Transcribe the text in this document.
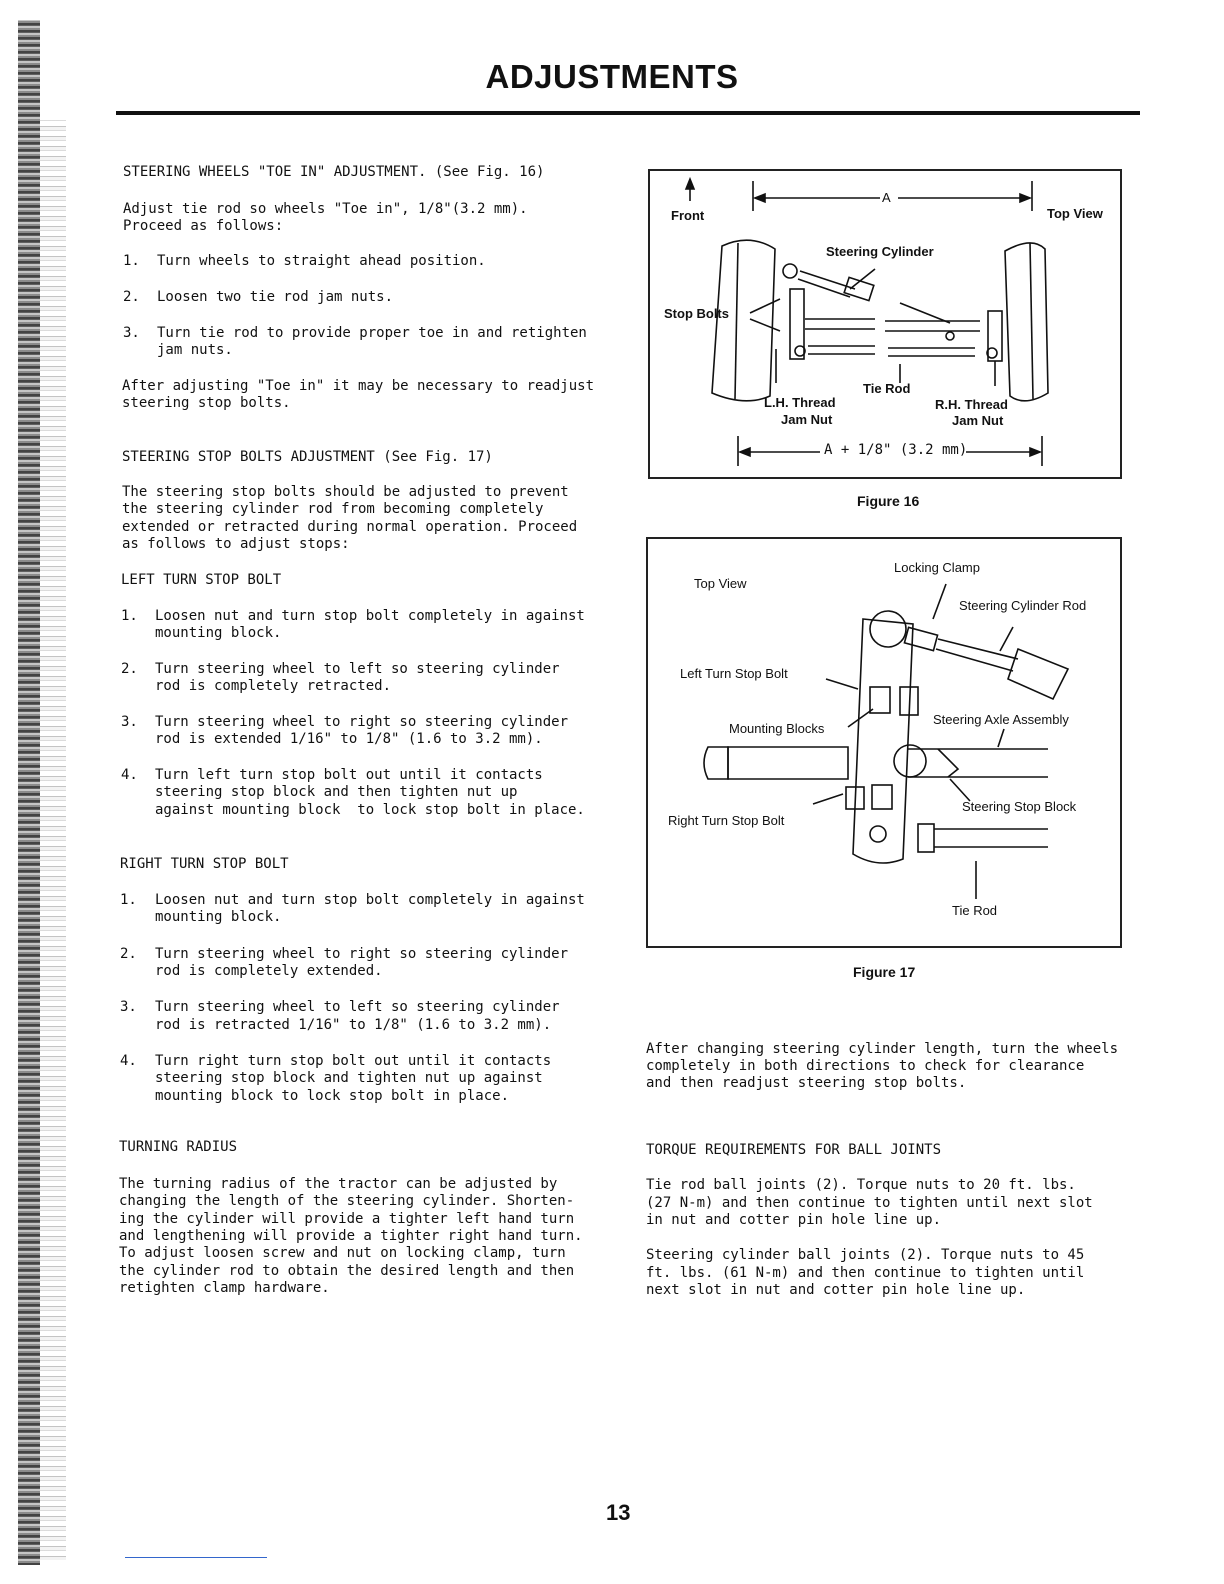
ADJUSTMENTS
STEERING WHEELS "TOE IN" ADJUSTMENT. (See Fig. 16)
Adjust tie rod so wheels "Toe in", 1/8"(3.2 mm).
Proceed as follows:
1. Turn wheels to straight ahead position.
2. Loosen two tie rod jam nuts.
3. Turn tie rod to provide proper toe in and retighten
jam nuts.
After adjusting "Toe in" it may be necessary to readjust
steering stop bolts.
STEERING STOP BOLTS ADJUSTMENT (See Fig. 17)
The steering stop bolts should be adjusted to prevent
the steering cylinder rod from becoming completely
extended or retracted during normal operation. Proceed
as follows to adjust stops:
LEFT TURN STOP BOLT
1. Loosen nut and turn stop bolt completely in against
mounting block.
2. Turn steering wheel to left so steering cylinder
rod is completely retracted.
3. Turn steering wheel to right so steering cylinder
rod is extended 1/16" to 1/8" (1.6 to 3.2 mm).
4. Turn left turn stop bolt out until it contacts
steering stop block and then tighten nut up
against mounting block  to lock stop bolt in place.
RIGHT TURN STOP BOLT
1. Loosen nut and turn stop bolt completely in against
mounting block.
2. Turn steering wheel to right so steering cylinder
rod is completely extended.
3. Turn steering wheel to left so steering cylinder
rod is retracted 1/16" to 1/8" (1.6 to 3.2 mm).
4. Turn right turn stop bolt out until it contacts
steering stop block and tighten nut up against
mounting block to lock stop bolt in place.
TURNING RADIUS
The turning radius of the tractor can be adjusted by
changing the length of the steering cylinder. Shorten-
ing the cylinder will provide a tighter left hand turn
and lengthening will provide a tighter right hand turn.
To adjust loosen screw and nut on locking clamp, turn
the cylinder rod to obtain the desired length and then
retighten clamp hardware.
Front	Top View
A
Steering Cylinder
Stop Bolts
Tie Rod
L.H. Thread
Jam Nut
R.H. Thread
Jam Nut
A + 1/8" (3.2 mm)
Figure 16
Top View
Locking Clamp
Steering Cylinder Rod
Left Turn Stop Bolt
Mounting Blocks
Steering Axle Assembly
Steering Stop Block
Right Turn Stop Bolt
Tie Rod
Figure 17
After changing steering cylinder length, turn the wheels
completely in both directions to check for clearance
and then readjust steering stop bolts.
TORQUE REQUIREMENTS FOR BALL JOINTS
Tie rod ball joints (2). Torque nuts to 20 ft. lbs.
(27 N-m) and then continue to tighten until next slot
in nut and cotter pin hole line up.
Steering cylinder ball joints (2). Torque nuts to 45
ft. lbs. (61 N-m) and then continue to tighten until
next slot in nut and cotter pin hole line up.
13
